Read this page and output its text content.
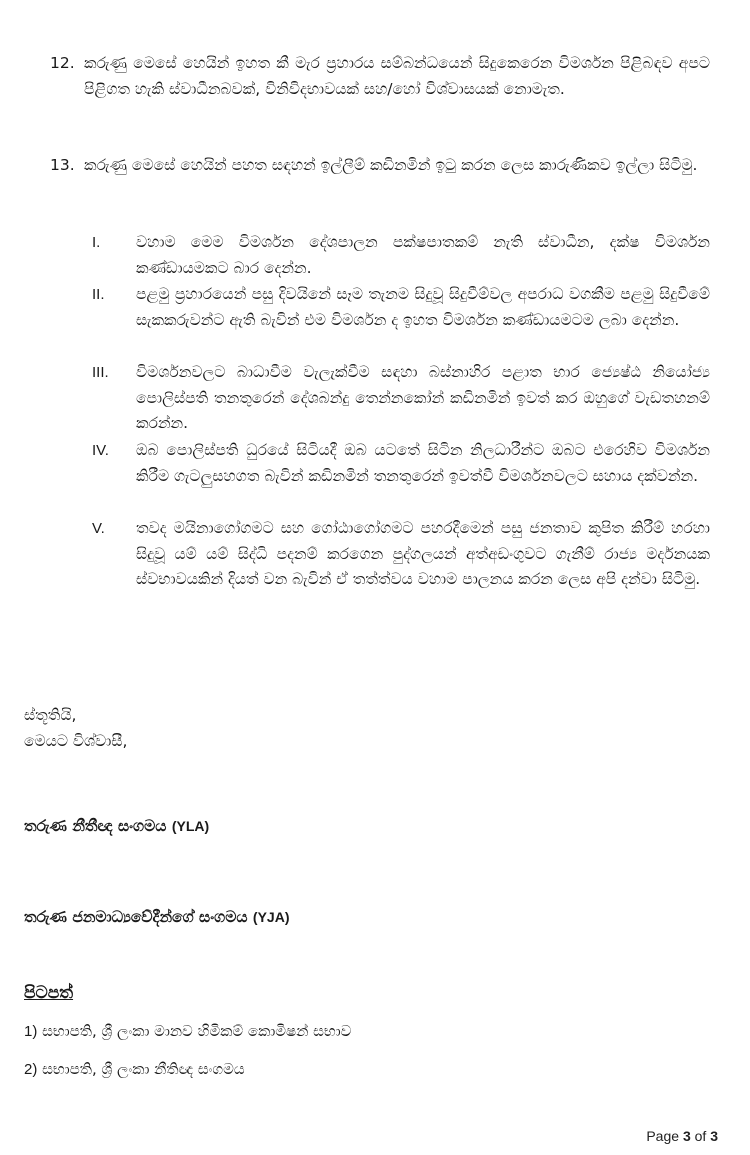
12. කරුණු මෙසේ හෙයින් ඉහත කී මැර ප්‍රහාරය සම්බන්ධයෙන් සිදුකෙරෙන විමර්ශන පිළිබඳව අපට පිළිගත හැකි ස්වාධීනබවක්, විනිවිදභාවයක් සහ/හෝ විශ්වාසයක් නොමැත.
13. කරුණු මෙසේ හෙයින් පහත සඳහන් ඉල්ලීම් කඩිනමින් ඉටු කරන ලෙස කාරුණිකව ඉල්ලා සිටිමු.
I.	වහාම මෙම විමර්ශන දේශපාලන පක්ෂපාතකම් නැති ස්වාධීන, දක්ෂ විමර්ශන කණ්ඩායමකට බාර දෙන්න.
II.	පළමු ප්‍රහාරයෙන් පසු දිවයිනේ සෑම තැනම සිදුවූ සිදුවීම්වල අපරාධ වගකීම පළමු සිදුවීමේ සැකකරුවන්ට ඇති බැවින් එම විමර්ශන ද ඉහත විමර්ශන කණ්ඩායමටම ලබා දෙන්න.
III.	විමර්ශනවලට බාධාවීම වැලැක්වීම සඳහා බස්නාහිර පළාත භාර ජ්‍යෙෂ්ඨ නියෝජ්‍ය පොලිස්පති තනතුරෙන් දේශබන්දු තෙන්නකෝන් කඩිනමින් ඉවත් කර ඔහුගේ වැඩතහනම් කරන්න.
IV.	ඔබ පොලිස්පති ධුරයේ සිටියදී ඔබ යටතේ සිටින නිලධාරීන්ට ඔබට එරෙහිව විමර්ශන කිරීම ගැටලුසහගත බැවින් කඩිනමින් තනතුරෙන් ඉවත්වී විමර්ශනවලට සහාය දක්වන්න.
V.	තවද මයිනාගෝගමට සහ ගෝඨාගෝගමට පහරදීමෙන් පසු ජනතාව කුපිත කිරීම් හරහා සිදුවූ යම් යම් සිද්ධි පදනම් කරගෙන පුද්ගලයන් අත්අඩංගුවට ගැනීම් රාජ්‍ය මර්දනයක ස්වභාවයකින් දියත් වන බැවින් ඒ තත්ත්වය වහාම පාලනය කරන ලෙස අපි දන්වා සිටිමු.
ස්තූතියි,
මෙයට විශ්වාසී,
තරුණ නීතීඥ සංගමය (YLA)
තරුණ ජනමාධ්‍යවේදීන්ගේ සංගමය (YJA)
පිටපත්
1) සභාපති, ශ්‍රී ලංකා මානව හිමිකම් කොමිෂන් සභාව
2) සභාපති, ශ්‍රී ලංකා නීතිඥ සංගමය
Page 3 of 3
